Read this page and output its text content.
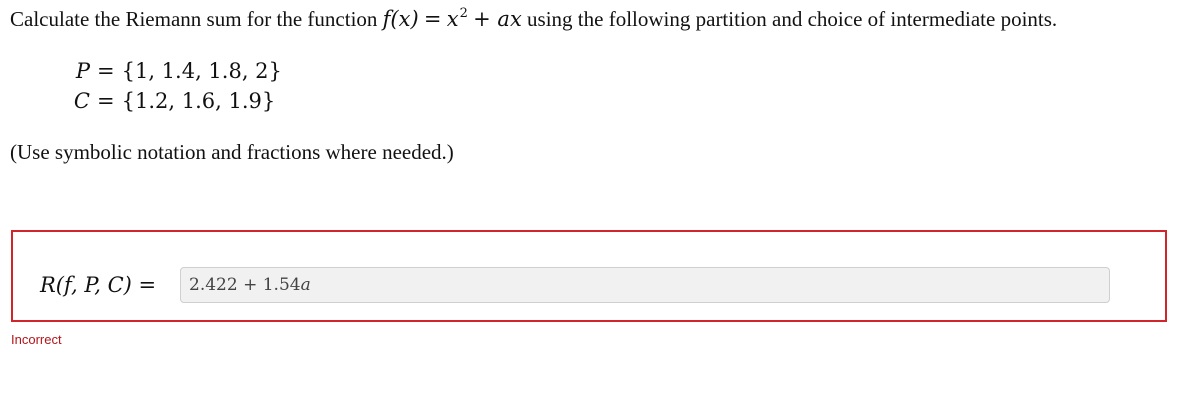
Calculate the Riemann sum for the function $f(x) = x^2$ + ax using the following partition and choice of intermediate points.
P = {1, 1.4, 1.8, 2}
C = {1.2, 1.6, 1.9}
(Use symbolic notation and fractions where needed.)
R(f, P, C) = 2.422 + 1.54 a
Incorrect
